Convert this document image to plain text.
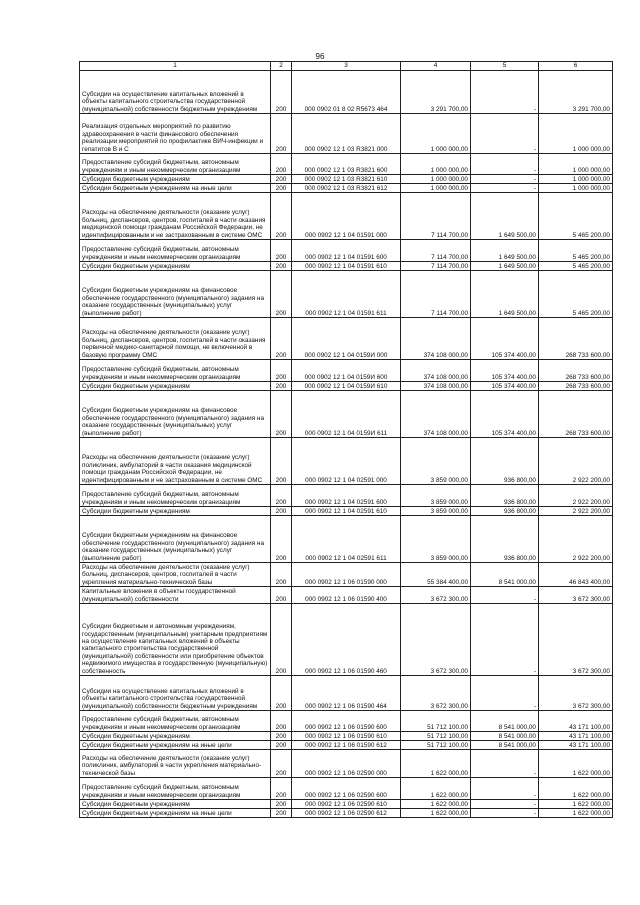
96
1	2	3	4	5	6
Субсидии на осуществление капитальных вложений в объекты капитального строительства государственной (муниципальной) собственности бюджетным учреждениям	200	000 0902 01 8 02 R5673 464	3 291 700,00	-	3 291 700,00
Реализация отдельных мероприятий по развитию здравоохранения в части финансового обеспечения реализации мероприятий по профилактике ВИЧ-инфекции и гепатитов В и С	200	000 0902 12 1 03 R3821 000	1 000 000,00	-	1 000 000,00
Предоставление субсидий бюджетным, автономным учреждениям и иным некоммерческим организациям	200	000 0902 12 1 03 R3821 600	1 000 000,00	-	1 000 000,00
Субсидии бюджетным учреждениям	200	000 0902 12 1 03 R3821 610	1 000 000,00	-	1 000 000,00
Субсидии бюджетным учреждениям на иные цели	200	000 0902 12 1 03 R3821 612	1 000 000,00	-	1 000 000,00
Расходы на обеспечение деятельности (оказание услуг) больниц, диспансеров, центров, госпиталей в части оказания медицинской помощи гражданам Российской Федерации, не идентифицированным и не застрахованным в системе ОМС	200	000 0902 12 1 04 01591 000	7 114 700,00	1 649 500,00	5 465 200,00
Предоставление субсидий бюджетным, автономным учреждениям и иным некоммерческим организациям	200	000 0902 12 1 04 01591 600	7 114 700,00	1 649 500,00	5 465 200,00
Субсидии бюджетным учреждениям	200	000 0902 12 1 04 01591 610	7 114 700,00	1 649 500,00	5 465 200,00
Субсидии бюджетным учреждениям на финансовое обеспечение государственного (муниципального) задания на оказание государственных (муниципальных) услуг (выполнение работ)	200	000 0902 12 1 04 01591 611	7 114 700,00	1 649 500,00	5 465 200,00
Расходы на обеспечение деятельности (оказание услуг) больниц, диспансеров, центров, госпиталей в части оказания первичной медико-санитарной помощи, не включенной в базовую программу ОМС	200	000 0902 12 1 04 0159И 000	374 108 000,00	105 374 400,00	268 733 600,00
Предоставление субсидий бюджетным, автономным учреждениям и иным некоммерческим организациям	200	000 0902 12 1 04 0159И 600	374 108 000,00	105 374 400,00	268 733 600,00
Субсидии бюджетным учреждениям	200	000 0902 12 1 04 0159И 610	374 108 000,00	105 374 400,00	268 733 600,00
Субсидии бюджетным учреждениям на финансовое обеспечение государственного (муниципального) задания на оказание государственных (муниципальных) услуг (выполнение работ)	200	000 0902 12 1 04 0159И 611	374 108 000,00	105 374 400,00	268 733 600,00
Расходы на обеспечение деятельности (оказание услуг) поликлиник, амбулаторий в части оказания медицинской помощи гражданам Российской Федерации, не идентифицированным и не застрахованным в системе ОМС	200	000 0902 12 1 04 02591 000	3 859 000,00	936 800,00	2 922 200,00
Предоставление субсидий бюджетным, автономным учреждениям и иным некоммерческим организациям	200	000 0902 12 1 04 02591 600	3 859 000,00	936 800,00	2 922 200,00
Субсидии бюджетным учреждениям	200	000 0902 12 1 04 02591 610	3 859 000,00	936 800,00	2 922 200,00
Субсидии бюджетным учреждениям на финансовое обеспечение государственного (муниципального) задания на оказание государственных (муниципальных) услуг (выполнение работ)	200	000 0902 12 1 04 02591 611	3 859 000,00	936 800,00	2 922 200,00
Расходы на обеспечение деятельности (оказание услуг) больниц, диспансеров, центров, госпиталей в части укрепления материально-технической базы	200	000 0902 12 1 06 01590 000	55 384 400,00	8 541 000,00	46 843 400,00
Капитальные вложения в объекты государственной (муниципальной) собственности	200	000 0902 12 1 06 01590 400	3 672 300,00	-	3 672 300,00
Субсидии бюджетным и автономным учреждениям, государственным (муниципальным) унитарным предприятиям на осуществление капитальных вложений в объекты капитального строительства государственной (муниципальной) собственности или приобретение объектов недвижимого имущества в государственную (муниципальную) собственность	200	000 0902 12 1 06 01590 460	3 672 300,00	-	3 672 300,00
Субсидии на осуществление капитальных вложений в объекты капитального строительства государственной (муниципальной) собственности бюджетным учреждениям	200	000 0902 12 1 06 01590 464	3 672 300,00	-	3 672 300,00
Предоставление субсидий бюджетным, автономным учреждениям и иным некоммерческим организациям	200	000 0902 12 1 06 01590 600	51 712 100,00	8 541 000,00	43 171 100,00
Субсидии бюджетным учреждениям	200	000 0902 12 1 06 01590 610	51 712 100,00	8 541 000,00	43 171 100,00
Субсидии бюджетным учреждениям на иные цели	200	000 0902 12 1 06 01590 612	51 712 100,00	8 541 000,00	43 171 100,00
Расходы на обеспечение деятельности (оказание услуг) поликлиник, амбулаторий в части укрепления материально-технической базы	200	000 0902 12 1 06 02590 000	1 622 000,00	-	1 622 000,00
Предоставление субсидий бюджетным, автономным учреждениям и иным некоммерческим организациям	200	000 0902 12 1 06 02590 600	1 622 000,00	-	1 622 000,00
Субсидии бюджетным учреждениям	200	000 0902 12 1 06 02590 610	1 622 000,00	-	1 622 000,00
Субсидии бюджетным учреждениям на иные цели	200	000 0902 12 1 06 02590 612	1 622 000,00	-	1 622 000,00
